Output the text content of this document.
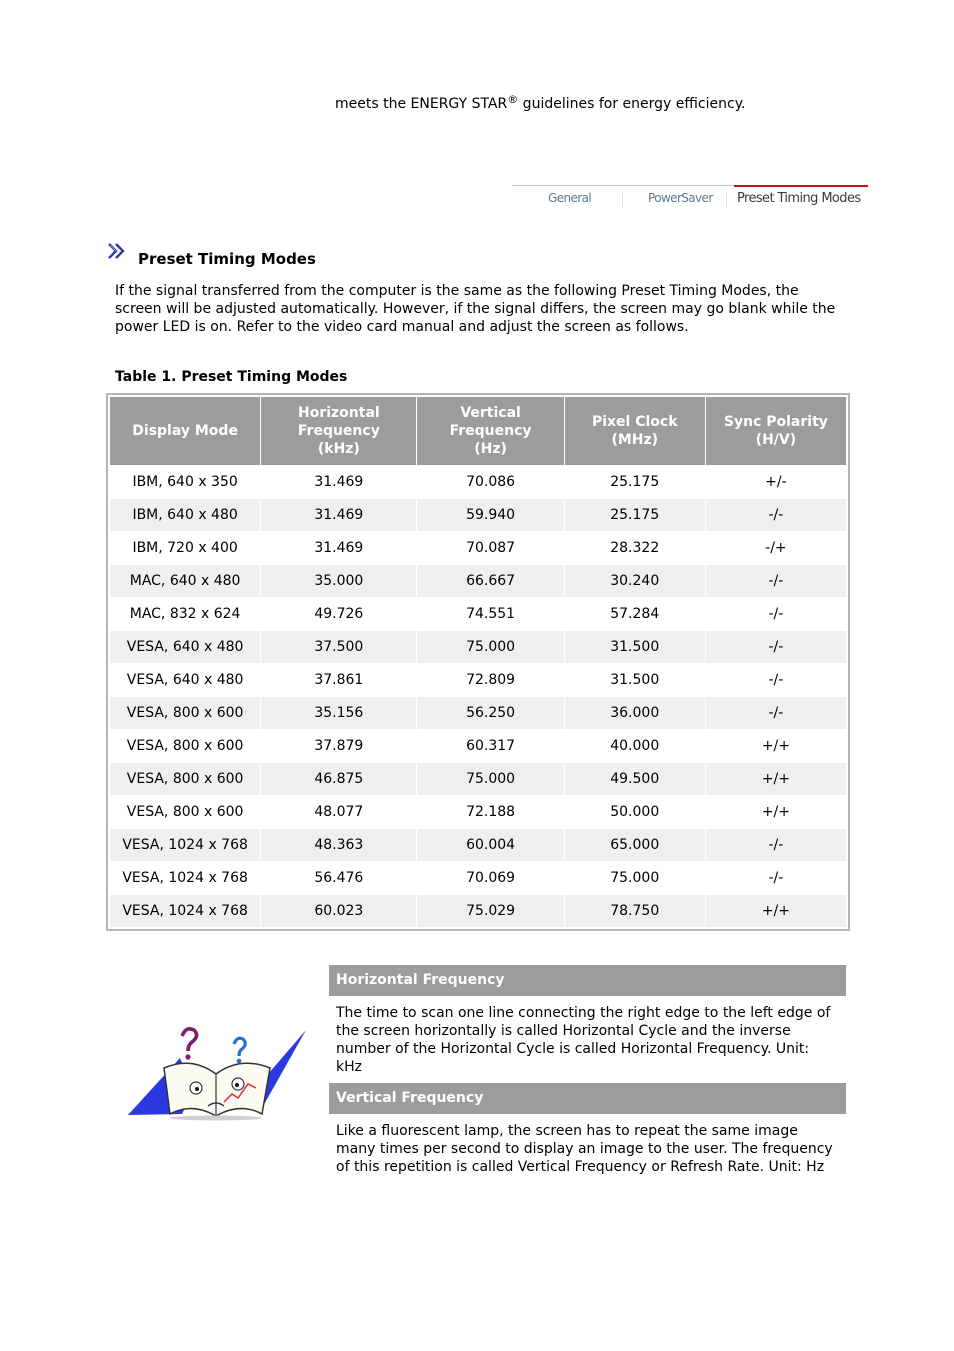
meets the ENERGY STAR® guidelines for energy efficiency.
General	PowerSaver Preset Timing Modes
Preset Timing Modes
If the signal transferred from the computer is the same as the following Preset Timing Modes, the screen will be adjusted automatically. However, if the signal differs, the screen may go blank while the power LED is on. Refer to the video card manual and adjust the screen as follows.
Table 1. Preset Timing Modes
Display Mode	Horizontal
Frequency
(kHz)	Vertical
Frequency
(Hz)	Pixel Clock
(MHz)	Sync Polarity
(H/V)
IBM, 640 x 350	31.469	70.086	25.175	+/-
IBM, 640 x 480	31.469	59.940	25.175	-/-
IBM, 720 x 400	31.469	70.087	28.322	-/+
MAC, 640 x 480	35.000	66.667	30.240	-/-
MAC, 832 x 624	49.726	74.551	57.284	-/-
VESA, 640 x 480	37.500	75.000	31.500	-/-
VESA, 640 x 480	37.861	72.809	31.500	-/-
VESA, 800 x 600	35.156	56.250	36.000	-/-
VESA, 800 x 600	37.879	60.317	40.000	+/+
VESA, 800 x 600	46.875	75.000	49.500	+/+
VESA, 800 x 600	48.077	72.188	50.000	+/+
VESA, 1024 x 768	48.363	60.004	65.000	-/-
VESA, 1024 x 768	56.476	70.069	75.000	-/-
VESA, 1024 x 768	60.023	75.029	78.750	+/+
Horizontal Frequency
The time to scan one line connecting the right edge to the left edge of the screen horizontally is called Horizontal Cycle and the inverse number of the Horizontal Cycle is called Horizontal Frequency. Unit: kHz
Vertical Frequency
Like a fluorescent lamp, the screen has to repeat the same image many times per second to display an image to the user. The frequency of this repetition is called Vertical Frequency or Refresh Rate. Unit: Hz
